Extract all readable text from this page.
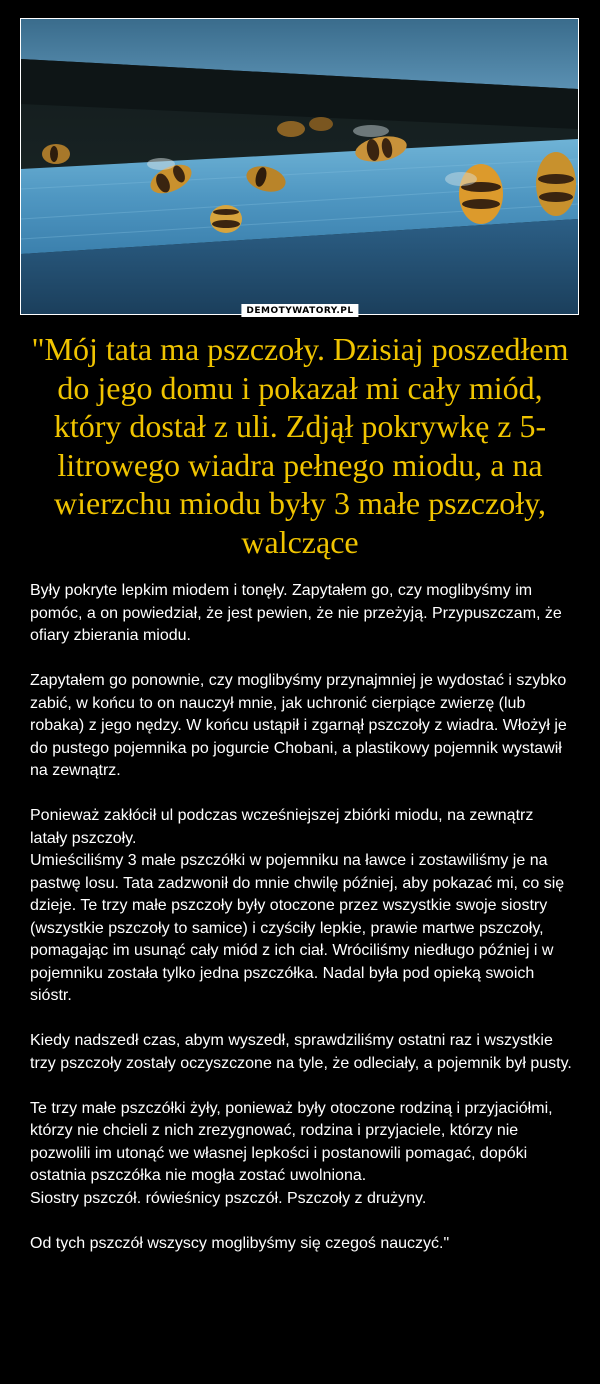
DEMOTYWATORY.PL
"Mój tata ma pszczoły. Dzisiaj poszedłem do jego domu i pokazał mi cały miód, który dostał z uli. Zdjął pokrywkę z 5-litrowego wiadra pełnego miodu, a na wierzchu miodu były 3 małe pszczoły, walczące

Były pokryte lepkim miodem i tonęły. Zapytałem go, czy moglibyśmy im pomóc, a on powiedział, że jest pewien, że nie przeżyją. Przypuszczam, że ofiary zbierania miodu.

Zapytałem go ponownie, czy moglibyśmy przynajmniej je wydostać i szybko zabić, w końcu to on nauczył mnie, jak uchronić cierpiące zwierzę (lub robaka) z jego nędzy. W końcu ustąpił i zgarnął pszczoły z wiadra. Włożył je do pustego pojemnika po jogurcie Chobani, a plastikowy pojemnik wystawił na zewnątrz.

Ponieważ zakłócił ul podczas wcześniejszej zbiórki miodu, na zewnątrz latały pszczoły.

Umieściliśmy 3 małe pszczółki w pojemniku na ławce i zostawiliśmy je na pastwę losu. Tata zadzwonił do mnie chwilę później, aby pokazać mi, co się dzieje. Te trzy małe pszczoły były otoczone przez wszystkie swoje siostry (wszystkie pszczoły to samice) i czyściły lepkie, prawie martwe pszczoły, pomagając im usunąć cały miód z ich ciał. Wróciliśmy niedługo później i w pojemniku została tylko jedna pszczółka. Nadal była pod opieką swoich sióstr.

Kiedy nadszedł czas, abym wyszedł, sprawdziliśmy ostatni raz i wszystkie trzy pszczoły zostały oczyszczone na tyle, że odleciały, a pojemnik był pusty.

Te trzy małe pszczółki żyły, ponieważ były otoczone rodziną i przyjaciółmi, którzy nie chcieli z nich zrezygnować, rodzina i przyjaciele, którzy nie pozwolili im utonąć we własnej lepkości i postanowili pomagać, dopóki ostatnia pszczółka nie mogła zostać uwolniona.

Siostry pszczół. rówieśnicy pszczół. Pszczoły z drużyny.

Od tych pszczół wszyscy moglibyśmy się czegoś nauczyć."
